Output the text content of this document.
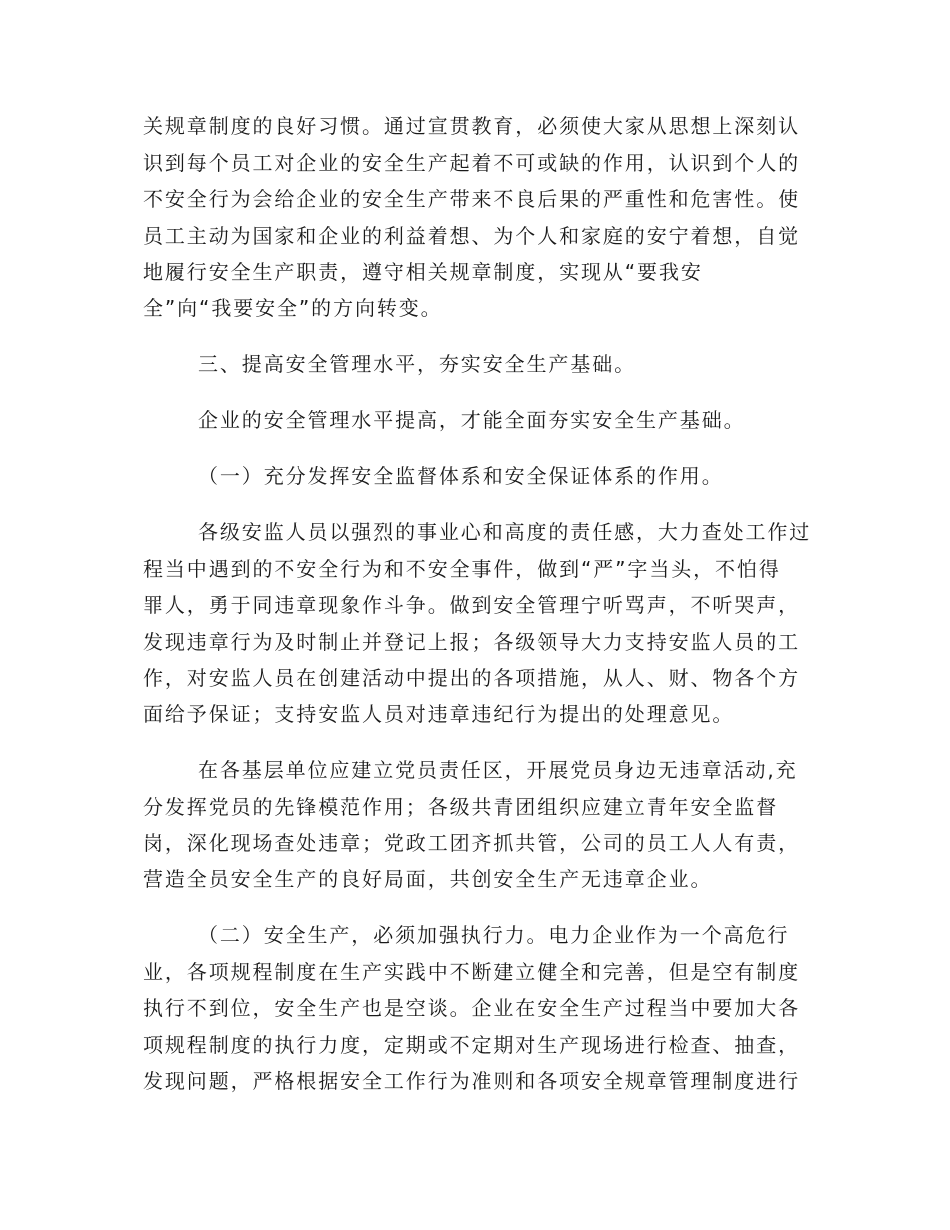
关规章制度的良好习惯。通过宣贯教育，必须使大家从思想上深刻认
识到每个员工对企业的安全生产起着不可或缺的作用，认识到个人的
不安全行为会给企业的安全生产带来不良后果的严重性和危害性。使
员工主动为国家和企业的利益着想、为个人和家庭的安宁着想，自觉
地履行安全生产职责，遵守相关规章制度，实现从“要我安
全”向“我要安全”的方向转变。
三、提高安全管理水平，夯实安全生产基础。
企业的安全管理水平提高，才能全面夯实安全生产基础。
（一）充分发挥安全监督体系和安全保证体系的作用。
各级安监人员以强烈的事业心和高度的责任感，大力查处工作过
程当中遇到的不安全行为和不安全事件，做到“严”字当头，不怕得
罪人，勇于同违章现象作斗争。做到安全管理宁听骂声，不听哭声，
发现违章行为及时制止并登记上报；各级领导大力支持安监人员的工
作，对安监人员在创建活动中提出的各项措施，从人、财、物各个方
面给予保证；支持安监人员对违章违纪行为提出的处理意见。
在各基层单位应建立党员责任区，开展党员身边无违章活动,充
分发挥党员的先锋模范作用；各级共青团组织应建立青年安全监督
岗，深化现场查处违章；党政工团齐抓共管，公司的员工人人有责，
营造全员安全生产的良好局面，共创安全生产无违章企业。
（二）安全生产，必须加强执行力。电力企业作为一个高危行
业，各项规程制度在生产实践中不断建立健全和完善，但是空有制度
执行不到位，安全生产也是空谈。企业在安全生产过程当中要加大各
项规程制度的执行力度，定期或不定期对生产现场进行检查、抽查，
发现问题，严格根据安全工作行为准则和各项安全规章管理制度进行
